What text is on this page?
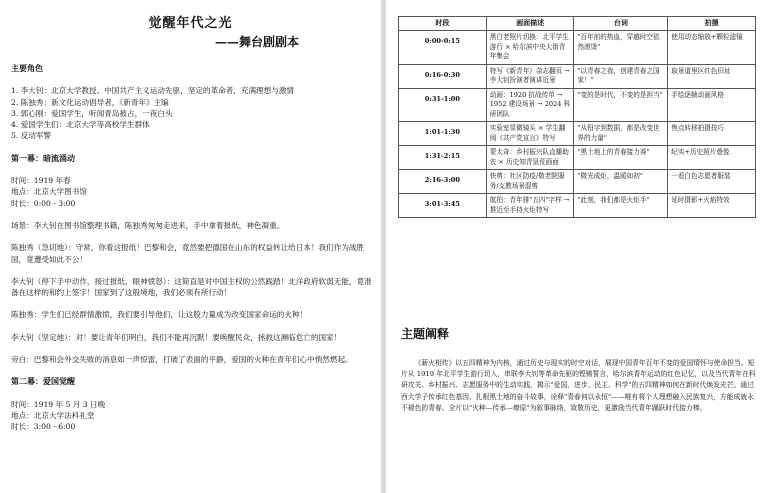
觉醒年代之光
——舞台剧剧本

主要角色

1. 李大钊：北京大学教授、中国共产主义运动先驱，坚定的革命者，充满理想与激情

2. 陈独秀：新文化运动倡导者，《新青年》主编

3. 郭心刚：爱国学生，听闻青岛被占，一夜白头

4. 爱国学生们：北京大学等高校学生群体

5. 反动军警

第一幕：暗流涌动

时间：1919 年春

地点：北京大学图书馆

时长：0:00 - 3:00

场景：李大钊在图书馆整理书籍，陈独秀匆匆走进来，手中拿着报纸，神色凝重。

陈独秀（急切地）：守常，你看这报纸！巴黎和会，竟然要把德国在山东的权益转让给日本！我们作为战胜国，竟遭受如此不公！

李大钊（停下手中动作，接过报纸，眼神愤怒）：这简直是对中国主权的公然践踏！北洋政府软弱无能，竟准备在这样的和约上签字！国家到了这般境地，我们必须有所行动！

陈独秀：学生们已经群情激愤，我们要引导他们，让这股力量成为改变国家命运的火种！

李大钊（坚定地）：对！要让青年们明白，我们不能再沉默！要唤醒民众，拯救这濒临危亡的国家！

旁白：巴黎和会外交失败的消息如一声惊雷，打破了表面的平静，爱国的火种在青年们心中悄然燃起。

第二幕：爱国觉醒

时间：1919 年 5 月 3 日晚

地点：北京大学法科礼堂

时长：3:00 - 6:00

时段	画面描述	台词	拍摄
0:00-0:15	黑白老照片切换：北平学生游行 × 哈尔滨中央大街青年集会	"百年前的热血，穿越时空依然滚烫"	使用动态缩放+颗粒滤镜
0:16-0:30	特写《新青年》杂志翻页 → 李大钊扮演者演讲近景	"以青春之我，创建青春之国家！"	取景道里区红色旧址
0:31-1:00	动画：1920 抗战传单 → 1952 建设场景 → 2024 科研团队	"变的是时代，不变的是担当"	手绘逐帧动画风格
1:01-1:30	实验室显微镜头 × 学生翻阅《共产党宣言》特写	"从铅字到数据，都是改变世界的力量"	焦点转移拍摄技巧
1:31-2:15	蒙太奇：乡村振兴队直播助农 × 历史知青垦荒画面	"黑土地上的青春接力赛"	纪实+历史照片叠像
2:16-3:00	快剪：社区防疫/敬老院服务/支教场景混剪	"微光成炬，温暖如初"	一看白色志愿者服装
3:01-3:45	航拍：青年排"五四"字样 → 推近至手持火炬特写	"此刻，我们都是火炬手"	延时摄影+火焰特效
主题阐释
《薪火相传》以五四精神为内核，通过历史与现实的时空对话，展现中国青年百年不变的爱国情怀与使命担当。短片从 1919 年北平学生游行切入，串联李大钊等革命先驱的铿锵誓言，哈尔滨青年运动的红色记忆，以及当代青年在科研攻关、乡村振兴、志愿服务中的生动实践，揭示"爱国、进步、民主、科学"的五四精神如何在新时代焕发光芒。通过西大学子传承红色基因、扎根黑土地的奋斗故事，诠释"青春何以永恒"——唯有将个人理想融入民族复兴，方能成就永不褪色的青春。全片以"火种—传承—燎原"为叙事脉络，致敬历史，更激励当代青年踊跃时代接力棒。
